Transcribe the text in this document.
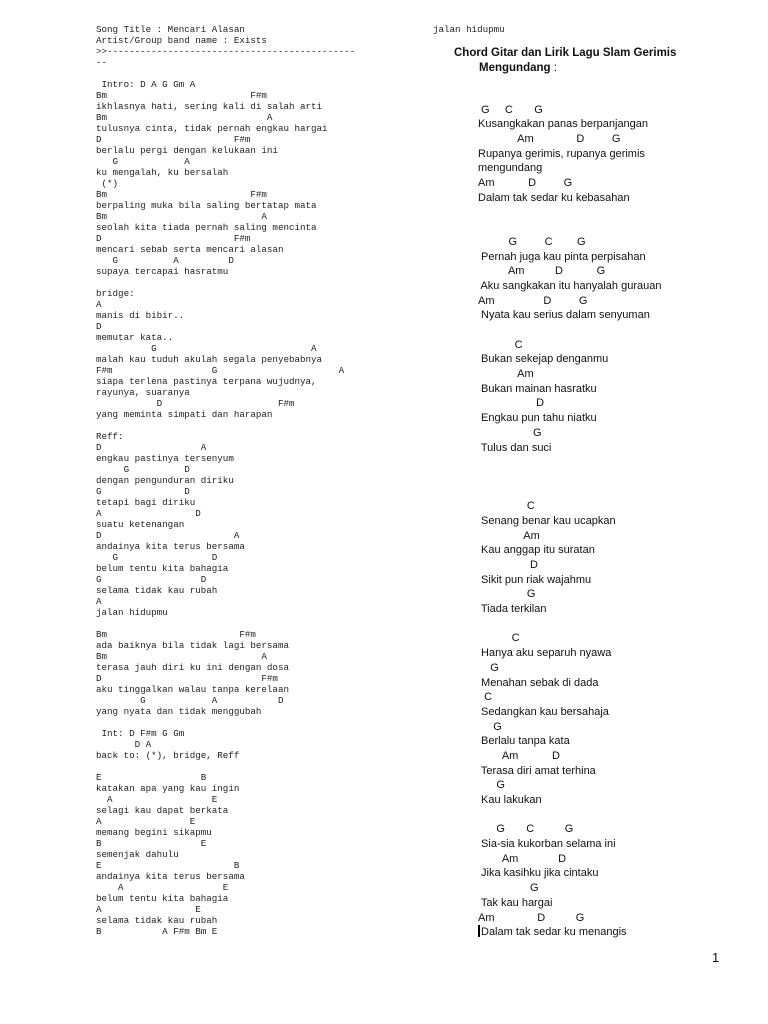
Song Title : Mencari Alasan
Artist/Group band name : Exists
>>---------------------------------------------
--
Intro: D A G Gm A
Bm                          F#m
ikhlasnya hati, sering kali di salah arti
Bm                             A
tulusnya cinta, tidak pernah engkau hargai
D                        F#m
berlalu pergi dengan kelukaan ini
G            A
ku mengalah, ku bersalah
(*)
Bm                          F#m
berpaling muka bila saling bertatap mata
Bm                            A
seolah kita tiada pernah saling mencinta
D                        F#m
mencari sebab serta mencari alasan
G          A         D
supaya tercapai hasratmu
bridge:
A
manis di bibir..
D
memutar kata..
G                            A
malah kau tuduh akulah segala penyebabnya
F#m                  G                      A
siapa terlena pastinya terpana wujudnya,
rayunya, suaranya
D                     F#m
yang meminta simpati dan harapan
Reff:
D                  A
engkau pastinya tersenyum
G          D
dengan pengunduran diriku
G               D
tetapi bagi diriku
A                 D
suatu ketenangan
D                        A
andainya kita terus bersama
G                 D
belum tentu kita bahagia
G                  D
selama tidak kau rubah
A
jalan hidupmu
Bm                        F#m
ada baiknya bila tidak lagi bersama
Bm                            A
terasa jauh diri ku ini dengan dosa
D                             F#m
aku tinggalkan walau tanpa kerelaan
G            A           D
yang nyata dan tidak menggubah
Int: D F#m G Gm
D A
back to: (*), bridge, Reff
E                  B
katakan apa yang kau ingin
A                  E
selagi kau dapat berkata
A                E
memang begini sikapmu
B                  E
semenjak dahulu
E                        B
andainya kita terus bersama
A                  E
belum tentu kita bahagia
A                 E
selama tidak kau rubah
B           A F#m Bm E
jalan hidupmu
Chord Gitar dan Lirik Lagu Slam Gerimis
Mengundang :
G     C       G
Kusangkakan panas berpanjangan
Am              D         G
Rupanya gerimis, rupanya gerimis
mengundang
Am           D         G
Dalam tak sedar ku kebasahan
G         C        G
Pernah juga kau pinta perpisahan
Am          D           G
Aku sangkakan itu hanyalah gurauan
Am                D         G
Nyata kau serius dalam senyuman
C
Bukan sekejap denganmu
Am
Bukan mainan hasratku
D
Engkau pun tahu niatku
G
Tulus dan suci
C
Senang benar kau ucapkan
Am
Kau anggap itu suratan
D
Sikit pun riak wajahmu
G
Tiada terkilan
C
Hanya aku separuh nyawa
G
Menahan sebak di dada
C
Sedangkan kau bersahaja
G
Berlalu tanpa kata
Am           D
Terasa diri amat terhina
G
Kau lakukan
G       C          G
Sia-sia kukorban selama ini
Am             D
Jika kasihku jika cintaku
G
Tak kau hargai
Am              D          G
Dalam tak sedar ku menangis
1
